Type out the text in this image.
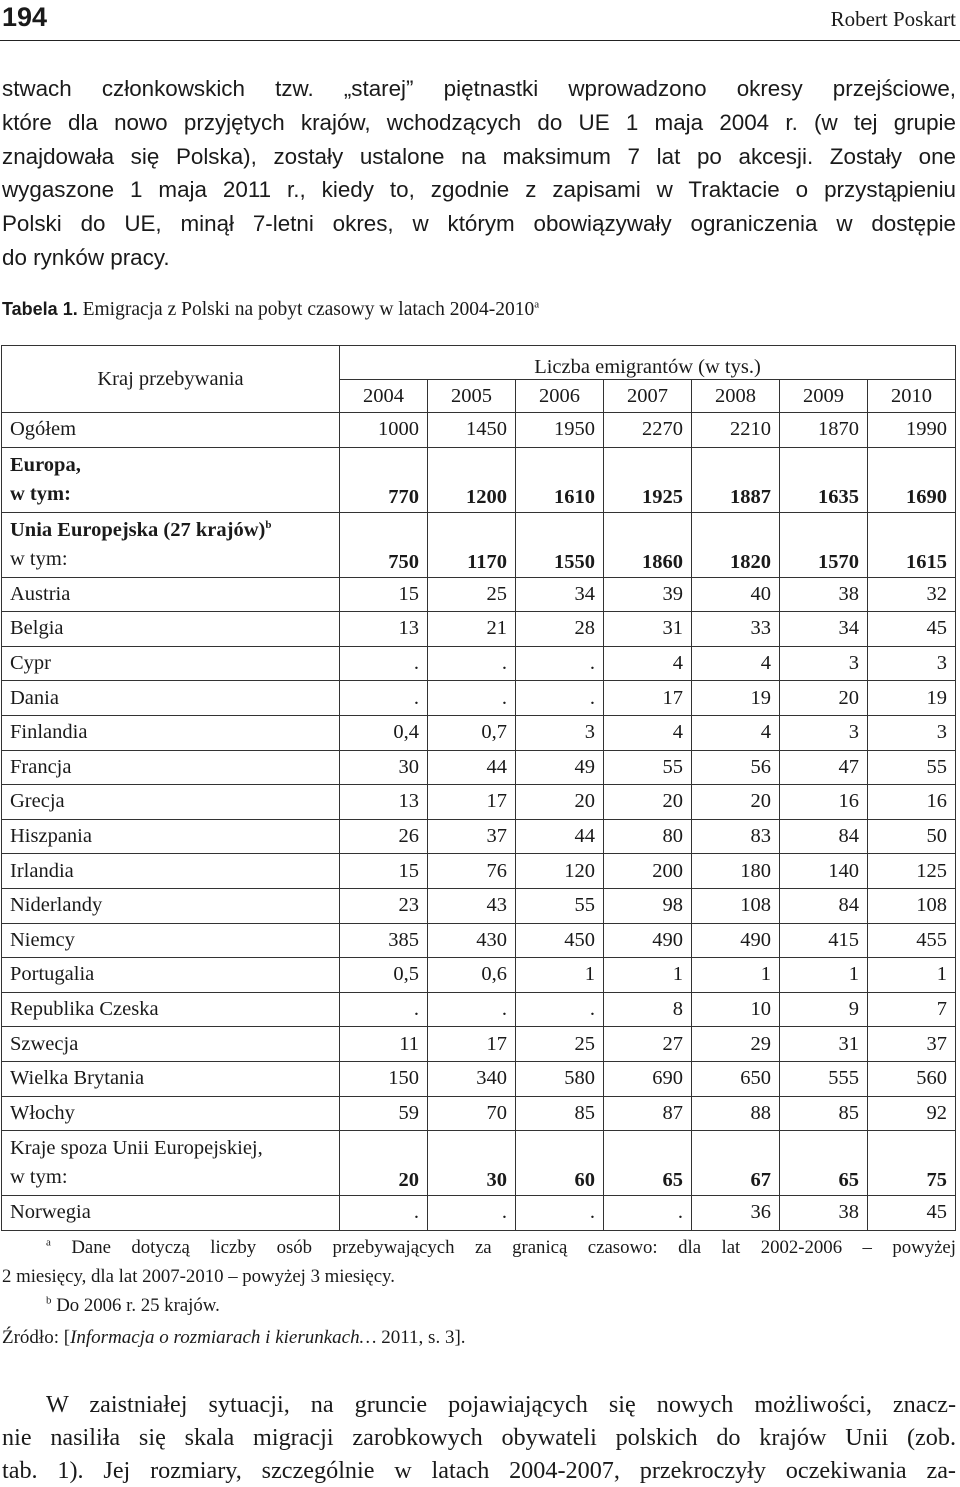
194	Robert Poskart
stwach członkowskich tzw. „starej” piętnastki wprowadzono okresy przejściowe,
które dla nowo przyjętych krajów, wchodzących do UE 1 maja 2004 r. (w tej grupie
znajdowała się Polska), zostały ustalone na maksimum 7 lat po akcesji. Zostały one
wygaszone 1 maja 2011 r., kiedy to, zgodnie z zapisami w Traktacie o przystąpieniu
Polski do UE, minął 7-letni okres, w którym obowiązywały ograniczenia w dostępie
do rynków pracy.
Tabela 1. Emigracja z Polski na pobyt czasowy w latach 2004-2010$^a$
Kraj przebywania	Liczba emigrantów (w tys.)						
	2004	2005	2006	2007	2008	2009	2010
Ogółem	1000	1450	1950	2270	2210	1870	1990
Europa,
w tym:	770	1200	1610	1925	1887	1635	1690
Unia Europejska (27 krajów)$^b$
w tym:	750	1170	1550	1860	1820	1570	1615
Austria	15	25	34	39	40	38	32
Belgia	13	21	28	31	33	34	45
Cypr	.	.	.	4	4	3	3
Dania	.	.	.	17	19	20	19
Finlandia	0,4	0,7	3	4	4	3	3
Francja	30	44	49	55	56	47	55
Grecja	13	17	20	20	20	16	16
Hiszpania	26	37	44	80	83	84	50
Irlandia	15	76	120	200	180	140	125
Niderlandy	23	43	55	98	108	84	108
Niemcy	385	430	450	490	490	415	455
Portugalia	0,5	0,6	1	1	1	1	1
Republika Czeska	.	.	.	8	10	9	7
Szwecja	11	17	25	27	29	31	37
Wielka Brytania	150	340	580	690	650	555	560
Włochy	59	70	85	87	88	85	92
Kraje spoza Unii Europejskiej,
w tym:	20	30	60	65	67	65	75
Norwegia	.	.	.	.	36	38	45
$^a$ Dane dotyczą liczby osób przebywających za granicą czasowo: dla lat 2002-2006 – powyżej
2 miesięcy, dla lat 2007-2010 – powyżej 3 miesięcy.
$^b$ Do 2006 r. 25 krajów.
Źródło: [Informacja o rozmiarach i kierunkach… 2011, s. 3].
W zaistniałej sytuacji, na gruncie pojawiających się nowych możliwości, znacz-
nie nasiliła się skala migracji zarobkowych obywateli polskich do krajów Unii (zob.
tab. 1). Jej rozmiary, szczególnie w latach 2004-2007, przekroczyły oczekiwania za-
